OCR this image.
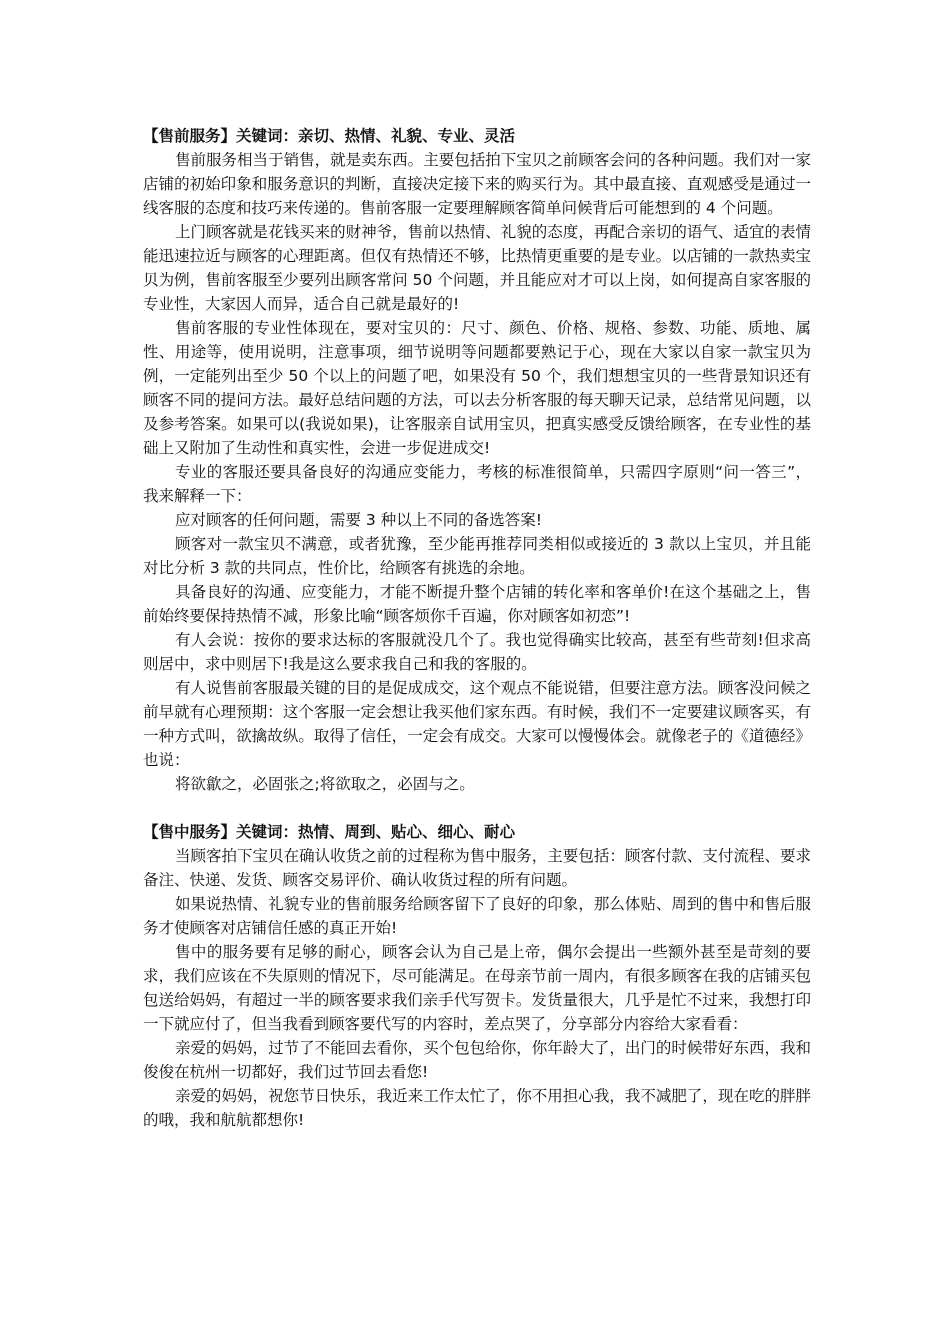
【售前服务】关键词：亲切、热情、礼貌、专业、灵活

售前服务相当于销售，就是卖东西。主要包括拍下宝贝之前顾客会问的各种问题。我们对一家店铺的初始印象和服务意识的判断，直接决定接下来的购买行为。其中最直接、直观感受是通过一线客服的态度和技巧来传递的。售前客服一定要理解顾客简单问候背后可能想到的 4 个问题。

上门顾客就是花钱买来的财神爷，售前以热情、礼貌的态度，再配合亲切的语气、适宜的表情能迅速拉近与顾客的心理距离。但仅有热情还不够，比热情更重要的是专业。以店铺的一款热卖宝贝为例，售前客服至少要列出顾客常问 50 个问题，并且能应对才可以上岗，如何提高自家客服的专业性，大家因人而异，适合自己就是最好的!

售前客服的专业性体现在，要对宝贝的：尺寸、颜色、价格、规格、参数、功能、质地、属性、用途等，使用说明，注意事项，细节说明等问题都要熟记于心，现在大家以自家一款宝贝为例，一定能列出至少 50 个以上的问题了吧，如果没有 50 个，我们想想宝贝的一些背景知识还有顾客不同的提问方法。最好总结问题的方法，可以去分析客服的每天聊天记录，总结常见问题，以及参考答案。如果可以(我说如果)，让客服亲自试用宝贝，把真实感受反馈给顾客，在专业性的基础上又附加了生动性和真实性，会进一步促进成交!

专业的客服还要具备良好的沟通应变能力，考核的标准很简单，只需四字原则“问一答三”，我来解释一下：

应对顾客的任何问题，需要 3 种以上不同的备选答案!

顾客对一款宝贝不满意，或者犹豫，至少能再推荐同类相似或接近的 3 款以上宝贝，并且能对比分析 3 款的共同点，性价比，给顾客有挑选的余地。

具备良好的沟通、应变能力，才能不断提升整个店铺的转化率和客单价!在这个基础之上，售前始终要保持热情不减，形象比喻“顾客烦你千百遍，你对顾客如初恋”!

有人会说：按你的要求达标的客服就没几个了。我也觉得确实比较高，甚至有些苛刻!但求高则居中，求中则居下!我是这么要求我自己和我的客服的。

有人说售前客服最关键的目的是促成成交，这个观点不能说错，但要注意方法。顾客没问候之前早就有心理预期：这个客服一定会想让我买他们家东西。有时候，我们不一定要建议顾客买，有一种方式叫，欲擒故纵。取得了信任，一定会有成交。大家可以慢慢体会。就像老子的《道德经》也说：

将欲歙之，必固张之;将欲取之，必固与之。

【售中服务】关键词：热情、周到、贴心、细心、耐心

当顾客拍下宝贝在确认收货之前的过程称为售中服务，主要包括：顾客付款、支付流程、要求备注、快递、发货、顾客交易评价、确认收货过程的所有问题。

如果说热情、礼貌专业的售前服务给顾客留下了良好的印象，那么体贴、周到的售中和售后服务才使顾客对店铺信任感的真正开始!

售中的服务要有足够的耐心，顾客会认为自己是上帝，偶尔会提出一些额外甚至是苛刻的要求，我们应该在不失原则的情况下，尽可能满足。在母亲节前一周内，有很多顾客在我的店铺买包包送给妈妈，有超过一半的顾客要求我们亲手代写贺卡。发货量很大，几乎是忙不过来，我想打印一下就应付了，但当我看到顾客要代写的内容时，差点哭了，分享部分内容给大家看看：

亲爱的妈妈，过节了不能回去看你，买个包包给你，你年龄大了，出门的时候带好东西，我和俊俊在杭州一切都好，我们过节回去看您!

亲爱的妈妈，祝您节日快乐，我近来工作太忙了，你不用担心我，我不减肥了，现在吃的胖胖的哦，我和航航都想你!
